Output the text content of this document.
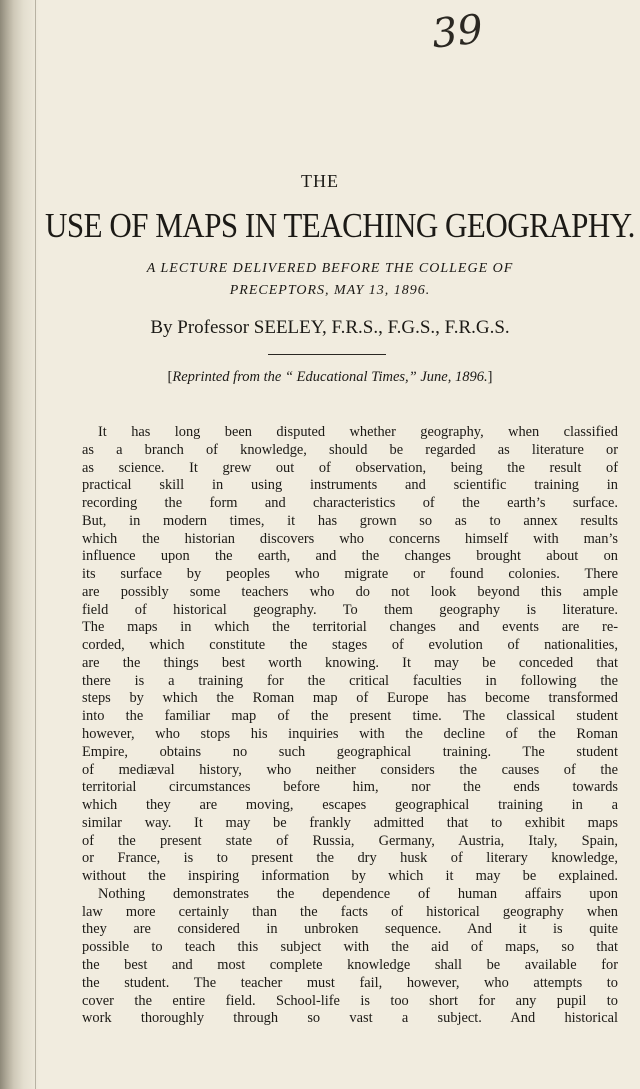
39
THE
USE OF MAPS IN TEACHING GEOGRAPHY.
A LECTURE DELIVERED BEFORE THE COLLEGE OF
PRECEPTORS, MAY 13, 1896.
By Professor SEELEY, F.R.S., F.G.S., F.R.G.S.
[Reprinted from the “ Educational Times,” June, 1896.]
It has long been disputed whether geography, when classified
as a branch of knowledge, should be regarded as literature or
as science. It grew out of observation, being the result of
practical skill in using instruments and scientific training in
recording the form and characteristics of the earth’s surface.
But, in modern times, it has grown so as to annex results
which the historian discovers who concerns himself with man’s
influence upon the earth, and the changes brought about on
its surface by peoples who migrate or found colonies. There
are possibly some teachers who do not look beyond this ample
field of historical geography. To them geography is literature.
The maps in which the territorial changes and events are re-
corded, which constitute the stages of evolution of nationalities,
are the things best worth knowing. It may be conceded that
there is a training for the critical faculties in following the
steps by which the Roman map of Europe has become transformed
into the familiar map of the present time. The classical student
however, who stops his inquiries with the decline of the Roman
Empire, obtains no such geographical training. The student
of mediæval history, who neither considers the causes of the
territorial circumstances before him, nor the ends towards
which they are moving, escapes geographical training in a
similar way. It may be frankly admitted that to exhibit maps
of the present state of Russia, Germany, Austria, Italy, Spain,
or France, is to present the dry husk of literary knowledge,
without the inspiring information by which it may be explained.
Nothing demonstrates the dependence of human affairs upon
law more certainly than the facts of historical geography when
they are considered in unbroken sequence. And it is quite
possible to teach this subject with the aid of maps, so that
the best and most complete knowledge shall be available for
the student. The teacher must fail, however, who attempts to
cover the entire field. School-life is too short for any pupil to
work thoroughly through so vast a subject. And historical
